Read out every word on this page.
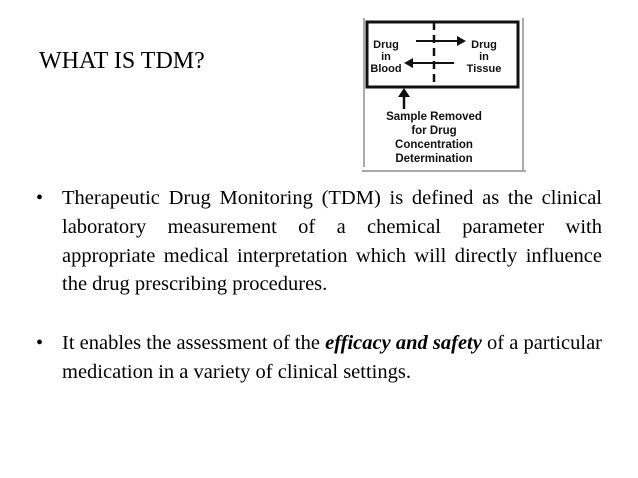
WHAT IS TDM?
Drug
in
Blood
Drug
in
Tissue
Sample Removed
for Drug
Concentration
Determination
• Therapeutic Drug Monitoring (TDM) is defined as the clinical laboratory measurement of a chemical parameter with appropriate medical interpretation which will directly influence the drug prescribing procedures.
• It enables the assessment of the efficacy and safety of a particular medication in a variety of clinical settings.
